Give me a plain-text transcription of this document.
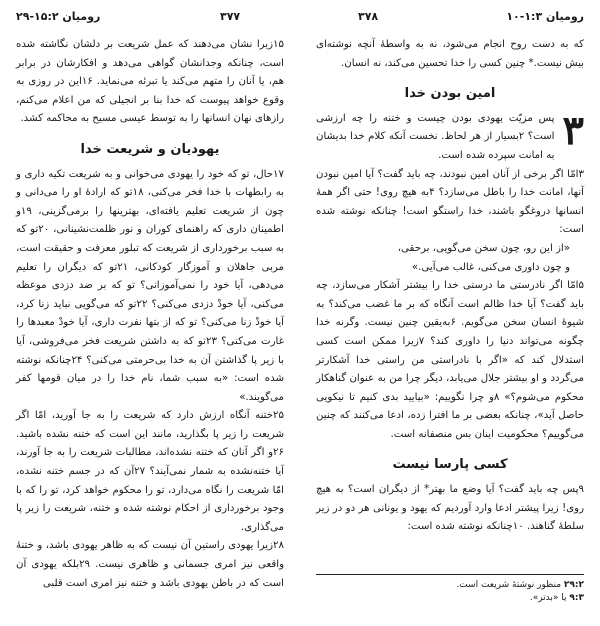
رومیان ۱۵:۲-۲۹	۳۷۷	۳۷۸	رومیان ۱:۳-۱۰

که به دست روح انجام می‌شود، نه به واسطهٔ آنچه نوشته‌ای بیش نیست.* چنین کسی را خدا تحسین می‌کند، نه انسان.

امین بودن خدا
۳

پس مزیّت یهودی بودن چیست و ختنه را چه ارزشی است؟ ۲بسیار از هر لحاظ. نخست آنکه کلام خدا بدیشان به امانت سپرده شده است.

۳امّا اگر برخی از آنان امین نبودند، چه باید گفت؟ آیا امین نبودن آنها، امانت خدا را باطل می‌سازد؟ ۴به هیچ روی! حتی اگر همهٔ انسانها دروغگو باشند، خدا راستگو است! چنانکه نوشته شده است:

«از این رو، چون سخن می‌گویی، برحقی،

و چون داوری می‌کنی، غالب می‌آیی.»

۵امّا اگر نادرستی ما درستی خدا را بیشتر آشکار می‌سازد، چه باید گفت؟ آیا خدا ظالم است آنگاه که بر ما غضب می‌کند؟ به شیوهٔ انسان سخن می‌گویم. ۶به‌یقین چنین نیست. وگرنه خدا چگونه می‌تواند دنیا را داوری کند؟ ۷زیرا ممکن است کسی استدلال کند که «اگر با نادراستی من راستی خدا آشکارتر می‌گردد و او بیشتر جلال می‌یابد، دیگر چرا من به عنوان گناهکار محکوم می‌شوم؟» ۸و چرا نگوییم: «بیایید بدی کنیم تا نیکویی حاصل آید»، چنانکه بعضی بر ما افترا زده، ادعا می‌کنند که چنین می‌گوییم؟ محکومیت اینان بس منصفانه است.

کسی پارسا نیست

۹پس چه باید گفت؟ آیا وضع ما بهتر* از دیگران است؟ به هیچ روی! زیرا پیشتر ادعا وارد آوردیم که یهود و یونانی هر دو در زیر سلطهٔ گناهند. ۱۰چنانکه نوشته شده است:

۲۹:۲ منظور نوشتهٔ شریعت است.

۹:۳ یا «بدتر».

۱۵زیرا نشان می‌دهند که عمل شریعت بر دلشان نگاشته شده است، چنانکه وجدانشان گواهی می‌دهد و افکارشان در برابر هم، یا آنان را متهم می‌کند یا تبرئه می‌نماید. ۱۶این در روزی به وقوع خواهد پیوست که خدا بنا بر انجیلی که من اعلام می‌کنم، رازهای نهان انسانها را به توسط عیسی مسیح به محاکمه کشد.

یهودیان و شریعت خدا

۱۷حال، تو که خود را یهودی می‌خوانی و به شریعت تکیه داری و به رابطهات با خدا فخر می‌کنی، ۱۸تو که ارادهٔ او را می‌دانی و چون از شریعت تعلیم یافته‌ای، بهترینها را برمی‌گزینی، ۱۹و اطمینان داری که راهنمای کوران و نور ظلمت‌نشینانی، ۲۰تو که به سبب برخورداری از شریعت که تبلور معرفت و حقیقت است، مربی جاهلان و آموزگار کودکانی، ۲۱تو که دیگران را تعلیم می‌دهی، آیا خود را نمی‌آموزانی؟ تو که بر ضد دزدی موعظه می‌کنی، آیا خودْ دزدی می‌کنی؟ ۲۲تو که می‌گویی نباید زنا کرد، آیا خودْ زنا می‌کنی؟ تو که از بتها نفرت داری، آیا خودْ معبدها را غارت می‌کنی؟ ۲۳تو که به داشتن شریعت فخر می‌فروشی، آیا با زیر پا گذاشتن آن به خدا بی‌حرمتی می‌کنی؟ ۲۴چنانکه نوشته شده است: «به سبب شما، نام خدا را در میان قومها کفر می‌گویند.»

۲۵ختنه آنگاه ارزش دارد که شریعت را به جا آورید، امّا اگر شریعت را زیر پا بگذارید، مانند این است که ختنه نشده باشید. ۲۶و اگر آنان که ختنه نشده‌اند، مطالبات شریعت را به جا آورند، آیا ختنه‌نشده به شمار نمی‌آیند؟ ۲۷آن که در جسم ختنه نشده، امّا شریعت را نگاه می‌دارد، تو را محکوم خواهد کرد، تو را که با وجود برخورداری از احکام نوشته شده و ختنه، شریعت را زیر پا می‌گذاری.

۲۸زیرا یهودی راستین آن نیست که به ظاهر یهودی باشد، و ختنهٔ واقعی نیز امری جسمانی و ظاهری نیست. ۲۹بلکه یهودی آن است که در باطن یهودی باشد و ختنه نیز امری است قلبی
